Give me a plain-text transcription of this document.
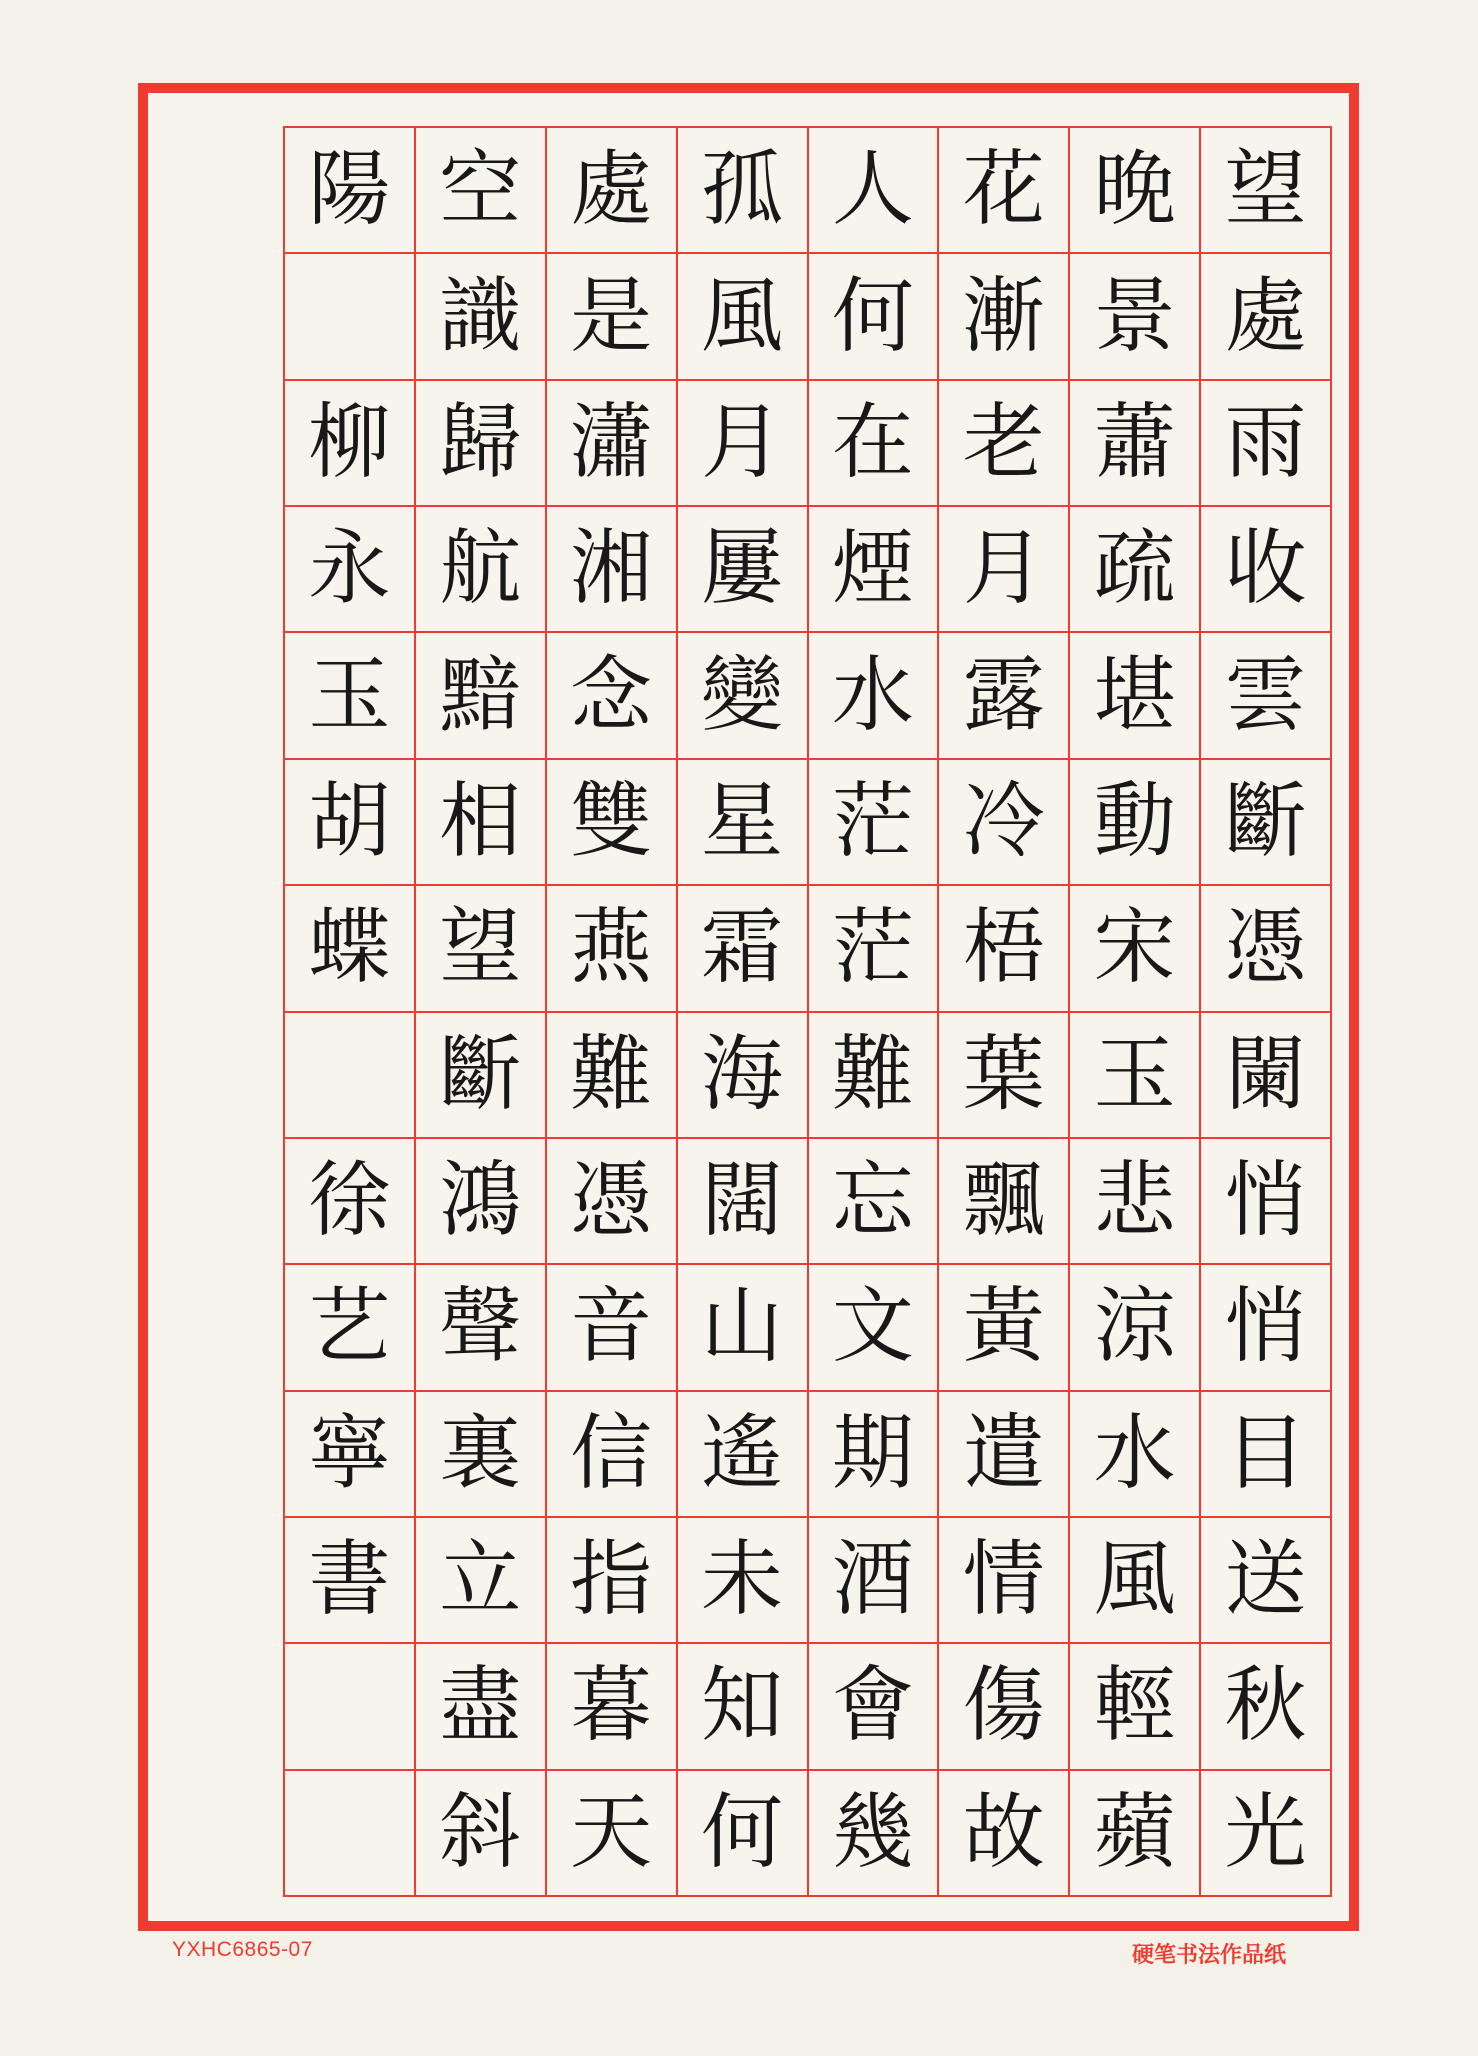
望
處
雨
收
雲
斷
憑
闌
悄
悄
目
送
秋
光
晚
景
蕭
疏
堪
動
宋
玉
悲
涼
水
風
輕
蘋
花
漸
老
月
露
冷
梧
葉
飄
黃
遣
情
傷
故
人
何
在
煙
水
茫
茫
難
忘
文
期
酒
會
幾
孤
風
月
屢
變
星
霜
海
闊
山
遙
未
知
何
處
是
瀟
湘
念
雙
燕
難
憑
音
信
指
暮
天
空
識
歸
航
黯
相
望
斷
鴻
聲
裏
立
盡
斜
陽
柳
永
玉
胡
蝶
徐
艺
寧
書
YXHC6865-07	硬笔书法作品纸
